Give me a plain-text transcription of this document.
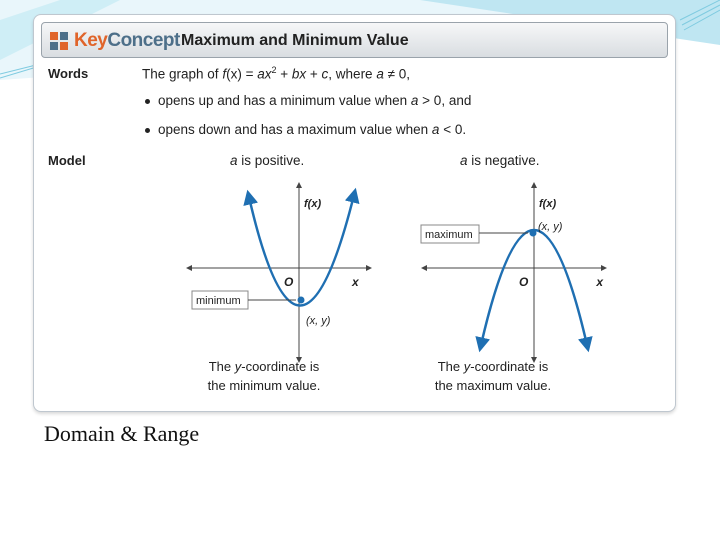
KeyConcept Maximum and Minimum Value
Words	The graph of $f(x) = ax^2$ + bx + c, where a ≠ 0,
opens up and has a minimum value when a > 0, and
opens down and has a maximum value when a < 0.
Model	a is positive.	a is negative.
f(x)
O	x
(x, y)
minimum
f(x)
O	x
(x, y)
maximum
The y-coordinate is
the minimum value.
The y-coordinate is
the maximum value.
Domain & Range
